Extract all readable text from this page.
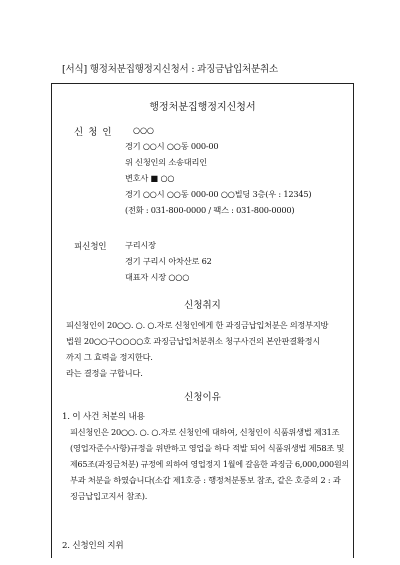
[서식] 행정처분집행정지신청서 : 과징금납입처분취소
행정처분집행정지신청서
신 청 인 ○○○
경기 ○○시 ○○동 000-00
위 신청인의 소송대리인
변호사 ■ ○○
경기 ○○시 ○○동 000-00 ○○빌딩 3층(우 : 12345)
(전화 : 031-800-0000 / 팩스 : 031-800-0000)
피신청인 구리시장
경기 구리시 아차산로 62
대표자 시장 ○○○
신청취지
피신청인이 20○○. ○. ○.자로 신청인에게 한 과징금납입처분은 의정부지방
법원 20○○구○○○○호 과징금납입처분취소 청구사건의 본안판결확정시
까지 그 효력을 정지한다.
라는 결정을 구합니다.
신청이유
1. 이 사건 처분의 내용
피신청인은 20○○. ○. ○.자로 신청인에 대하여, 신청인이 식품위생법 제31조
(영업자준수사항)규정을 위반하고 영업을 하다 적발 되어 식품위생법 제58조 및
제65조(과징금처분) 규정에 의하여 영업정지 1월에 갈음한 과징금 6,000,000원의
부과 처분을 하였습니다(소갑 제1호증 : 행정처분통보 참조, 같은 호증의 2 : 과
징금납입고지서 참조).
2. 신청인의 지위
